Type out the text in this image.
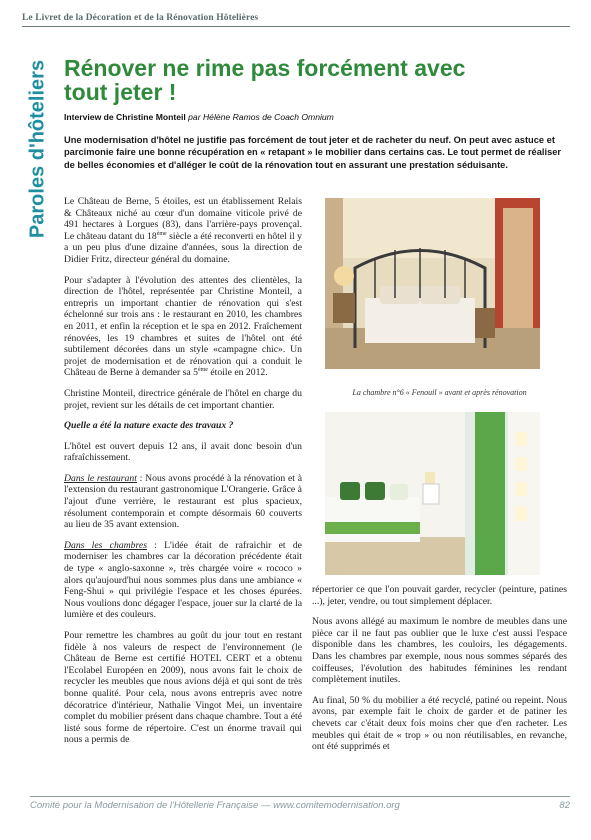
Le Livret de la Décoration et de la Rénovation Hôtelières
Paroles d'hôteliers Rénover ne rime pas forcément avec tout jeter !
Interview de Christine Monteil par Hélène Ramos de Coach Omnium
Une modernisation d'hôtel ne justifie pas forcément de tout jeter et de racheter du neuf. On peut avec astuce et parcimonie faire une bonne récupération en « retapant » le mobilier dans certains cas. Le tout permet de réaliser de belles économies et d'alléger le coût de la rénovation tout en assurant une prestation séduisante.

Le Château de Berne, 5 étoiles, est un établissement Relais & Châteaux niché au cœur d'un domaine viticole privé de 491 hectares à Lorgues (83), dans l'arrière-pays provençal. Le château datant du 18ème siècle a été reconverti en hôtel il y a un peu plus d'une dizaine d'années, sous la direction de Didier Fritz, directeur général du domaine.

Pour s'adapter à l'évolution des attentes des clientèles, la direction de l'hôtel, représentée par Christine Monteil, a entrepris un important chantier de rénovation qui s'est échelonné sur trois ans : le restaurant en 2010, les chambres en 2011, et enfin la réception et le spa en 2012. Fraîchement rénovées, les 19 chambres et suites de l'hôtel ont été subtilement décorées dans un style «campagne chic». Un projet de modernisation et de rénovation qui a conduit le Château de Berne à demander sa 5ème étoile en 2012.

Christine Monteil, directrice générale de l'hôtel en charge du projet, revient sur les détails de cet important chantier.

Quelle a été la nature exacte des travaux ?

L'hôtel est ouvert depuis 12 ans, il avait donc besoin d'un rafraîchissement.

Dans le restaurant : Nous avons procédé à la rénovation et à l'extension du restaurant gastronomique L'Orangerie. Grâce à l'ajout d'une verrière, le restaurant est plus spacieux, résolument contemporain et compte désormais 60 couverts au lieu de 35 avant extension.

Dans les chambres : L'idée était de rafraichir et de moderniser les chambres car la décoration précédente était de type « anglo-saxonne », très chargée voire « rococo » alors qu'aujourd'hui nous sommes plus dans une ambiance « Feng-Shui » qui privilégie l'espace et les choses épurées. Nous voulions donc dégager l'espace, jouer sur la clarté de la lumière et des couleurs.

Pour remettre les chambres au goût du jour tout en restant fidèle à nos valeurs de respect de l'environnement (le Château de Berne est certifié HOTEL CERT et a obtenu l'Ecolabel Européen en 2009), nous avons fait le choix de recycler les meubles que nous avions déjà et qui sont de très bonne qualité. Pour cela, nous avons entrepris avec notre décoratrice d'intérieur, Nathalie Vingot Mei, un inventaire complet du mobilier présent dans chaque chambre. Tout a été listé sous forme de répertoire. C'est un énorme travail qui nous a permis de

La chambre n°6 « Fenouil » avant et après rénovation

répertorier ce que l'on pouvait garder, recycler (peinture, patines ...), jeter, vendre, ou tout simplement déplacer.

Nous avons allégé au maximum le nombre de meubles dans une pièce car il ne faut pas oublier que le luxe c'est aussi l'espace disponible dans les chambres, les couloirs, les dégagements. Dans les chambres par exemple, nous nous sommes séparés des coiffeuses, l'évolution des habitudes féminines les rendant complètement inutiles.

Au final, 50 % du mobilier a été recyclé, patiné ou repeint. Nous avons, par exemple fait le choix de garder et de patiner les chevets car c'était deux fois moins cher que d'en racheter. Les meubles qui était de « trop » ou non réutilisables, en revanche, ont été supprimés et

Comité pour la Modernisation de l'Hôtellerie Française — www.comitemodernisation.org	82
